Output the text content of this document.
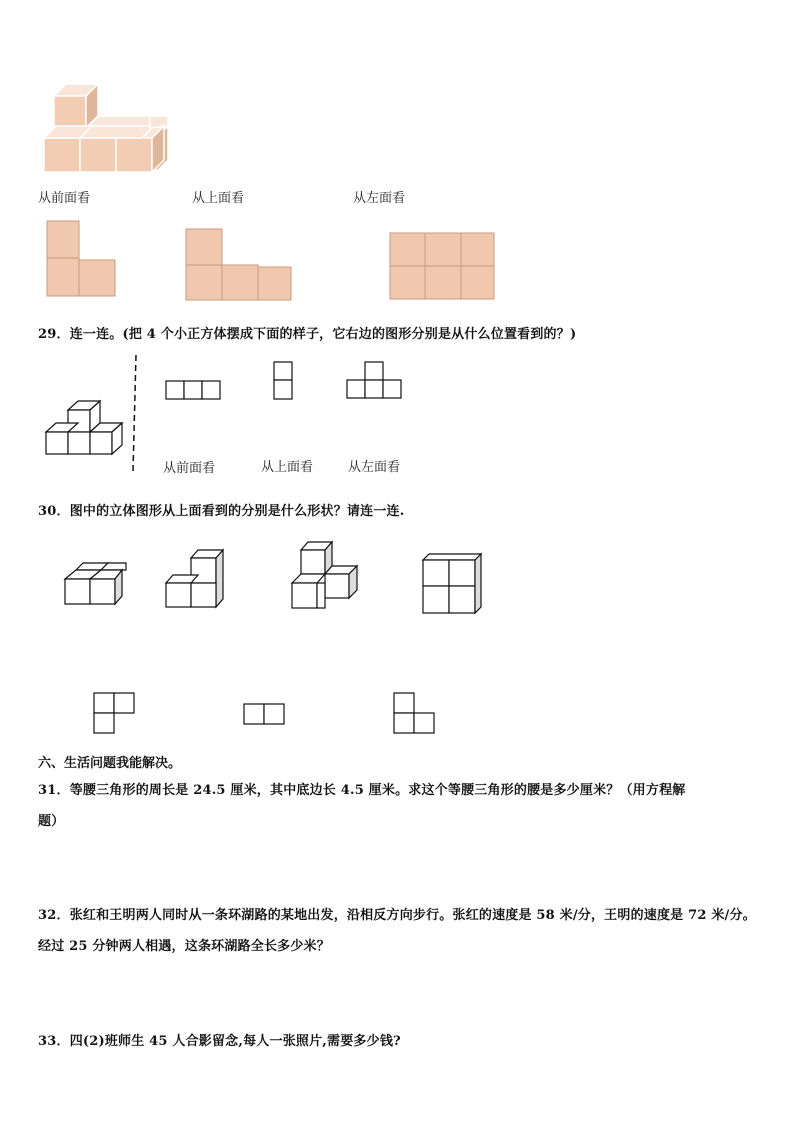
从前面看	从上面看	从左面看
29．连一连。(把 4 个小正方体摆成下面的样子，它右边的图形分别是从什么位置看到的？)
从前面看	从上面看	从左面看
30．图中的立体图形从上面看到的分别是什么形状？请连一连.
六、生活问题我能解决。
31．等腰三角形的周长是 24.5 厘米，其中底边长 4.5 厘米。求这个等腰三角形的腰是多少厘米？（用方程解
题）
32．张红和王明两人同时从一条环湖路的某地出发，沿相反方向步行。张红的速度是 58 米/分，王明的速度是 72 米/分。
经过 25 分钟两人相遇，这条环湖路全长多少米？
33．四(2)班师生 45 人合影留念,每人一张照片,需要多少钱?
